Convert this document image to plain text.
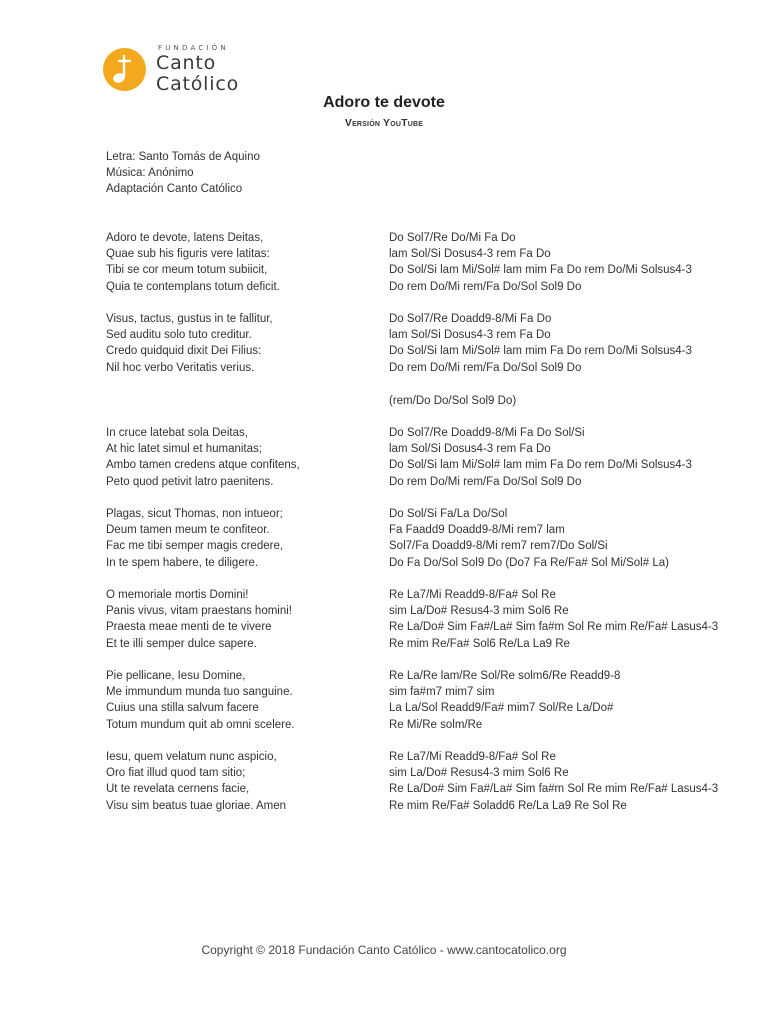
FUNDACIÓN
Canto
Católico
Adoro te devote
Versión YouTube
Letra: Santo Tomás de Aquino
Música: Anónimo
Adaptación Canto Católico
Adoro te devote, latens Deitas,
Quae sub his figuris vere latitas:
Tibi se cor meum totum subiicit,
Quia te contemplans totum deficit.
Do Sol7/Re Do/Mi Fa Do
lam Sol/Si Dosus4-3 rem Fa Do
Do Sol/Si lam Mi/Sol# lam mim Fa Do rem Do/Mi Solsus4-3
Do rem Do/Mi rem/Fa Do/Sol Sol9 Do
Visus, tactus, gustus in te fallitur,
Sed auditu solo tuto creditur.
Credo quidquid dixit Dei Filius:
Nil hoc verbo Veritatis verius.
Do Sol7/Re Doadd9-8/Mi Fa Do
lam Sol/Si Dosus4-3 rem Fa Do
Do Sol/Si lam Mi/Sol# lam mim Fa Do rem Do/Mi Solsus4-3
Do rem Do/Mi rem/Fa Do/Sol Sol9 Do
(rem/Do Do/Sol Sol9 Do)
In cruce latebat sola Deitas,
At hic latet simul et humanitas;
Ambo tamen credens atque confitens,
Peto quod petivit latro paenitens.
Do Sol7/Re Doadd9-8/Mi Fa Do Sol/Si
lam Sol/Si Dosus4-3 rem Fa Do
Do Sol/Si lam Mi/Sol# lam mim Fa Do rem Do/Mi Solsus4-3
Do rem Do/Mi rem/Fa Do/Sol Sol9 Do
Plagas, sicut Thomas, non intueor;
Deum tamen meum te confiteor.
Fac me tibi semper magis credere,
In te spem habere, te diligere.
Do Sol/Si Fa/La Do/Sol
Fa Faadd9 Doadd9-8/Mi rem7 lam
Sol7/Fa Doadd9-8/Mi rem7 rem7/Do Sol/Si
Do Fa Do/Sol Sol9 Do (Do7 Fa Re/Fa# Sol Mi/Sol# La)
O memoriale mortis Domini!
Panis vivus, vitam praestans homini!
Praesta meae menti de te vivere
Et te illi semper dulce sapere.
Re La7/Mi Readd9-8/Fa# Sol Re
sim La/Do# Resus4-3 mim Sol6 Re
Re La/Do# Sim Fa#/La# Sim fa#m Sol Re mim Re/Fa# Lasus4-3
Re mim Re/Fa# Sol6 Re/La La9 Re
Pie pellicane, Iesu Domine,
Me immundum munda tuo sanguine.
Cuius una stilla salvum facere
Totum mundum quit ab omni scelere.
Re La/Re lam/Re Sol/Re solm6/Re Readd9-8
sim fa#m7 mim7 sim
La La/Sol Readd9/Fa# mim7 Sol/Re La/Do#
Re Mi/Re solm/Re
Iesu, quem velatum nunc aspicio,
Oro fiat illud quod tam sitio;
Ut te revelata cernens facie,
Visu sim beatus tuae gloriae. Amen
Re La7/Mi Readd9-8/Fa# Sol Re
sim La/Do# Resus4-3 mim Sol6 Re
Re La/Do# Sim Fa#/La# Sim fa#m Sol Re mim Re/Fa# Lasus4-3
Re mim Re/Fa# Soladd6 Re/La La9 Re Sol Re
Copyright © 2018 Fundación Canto Católico - www.cantocatolico.org
